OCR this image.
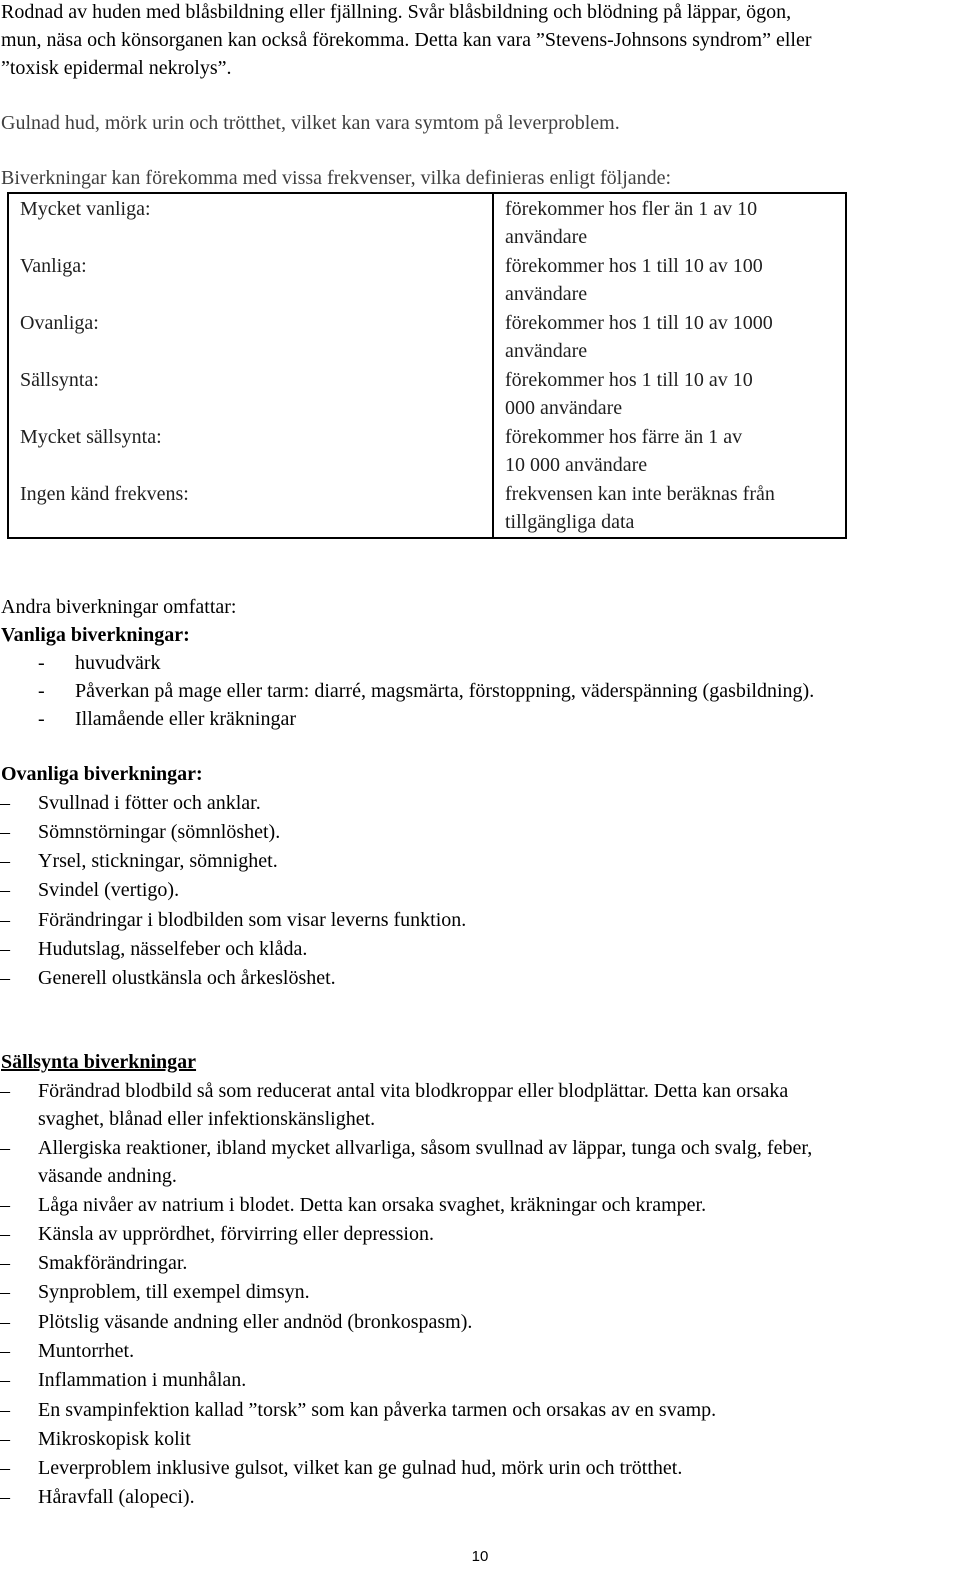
Rodnad av huden med blåsbildning eller fjällning. Svår blåsbildning och blödning på läppar, ögon,

mun, näsa och könsorganen kan också förekomma. Detta kan vara ”Stevens-Johnsons syndrom” eller

”toxisk epidermal nekrolys”.

Gulnad hud, mörk urin och trötthet, vilket kan vara symtom på leverproblem.

Biverkningar kan förekomma med vissa frekvenser, vilka definieras enligt följande:

Mycket vanliga:	förekommer hos fler än 1 av 10
användare
Vanliga:	förekommer hos 1 till 10 av 100
användare
Ovanliga:	förekommer hos 1 till 10 av 1000
användare
Sällsynta:	förekommer hos 1 till 10 av 10
000 användare
Mycket sällsynta:	förekommer hos färre än 1 av
10 000 användare
Ingen känd frekvens:	frekvensen kan inte beräknas från
tillgängliga data

Andra biverkningar omfattar:

Vanliga biverkningar:

- huvudvärk
- Påverkan på mage eller tarm: diarré, magsmärta, förstoppning, väderspänning (gasbildning).
- Illamående eller kräkningar

Ovanliga biverkningar:

– Svullnad i fötter och anklar.
– Sömnstörningar (sömnlöshet).
– Yrsel, stickningar, sömnighet.
– Svindel (vertigo).
– Förändringar i blodbilden som visar leverns funktion.
– Hudutslag, nässelfeber och klåda.
– Generell olustkänsla och årkeslöshet.

Sällsynta biverkningar

– Förändrad blodbild så som reducerat antal vita blodkroppar eller blodplättar. Detta kan orsaka
svaghet, blånad eller infektionskänslighet.
– Allergiska reaktioner, ibland mycket allvarliga, såsom svullnad av läppar, tunga och svalg, feber,
väsande andning.
– Låga nivåer av natrium i blodet. Detta kan orsaka svaghet, kräkningar och kramper.
– Känsla av upprördhet, förvirring eller depression.
– Smakförändringar.
– Synproblem, till exempel dimsyn.
– Plötslig väsande andning eller andnöd (bronkospasm).
– Muntorrhet.
– Inflammation i munhålan.
– En svampinfektion kallad ”torsk” som kan påverka tarmen och orsakas av en svamp.
– Mikroskopisk kolit
– Leverproblem inklusive gulsot, vilket kan ge gulnad hud, mörk urin och trötthet.
– Håravfall (alopeci).
10
